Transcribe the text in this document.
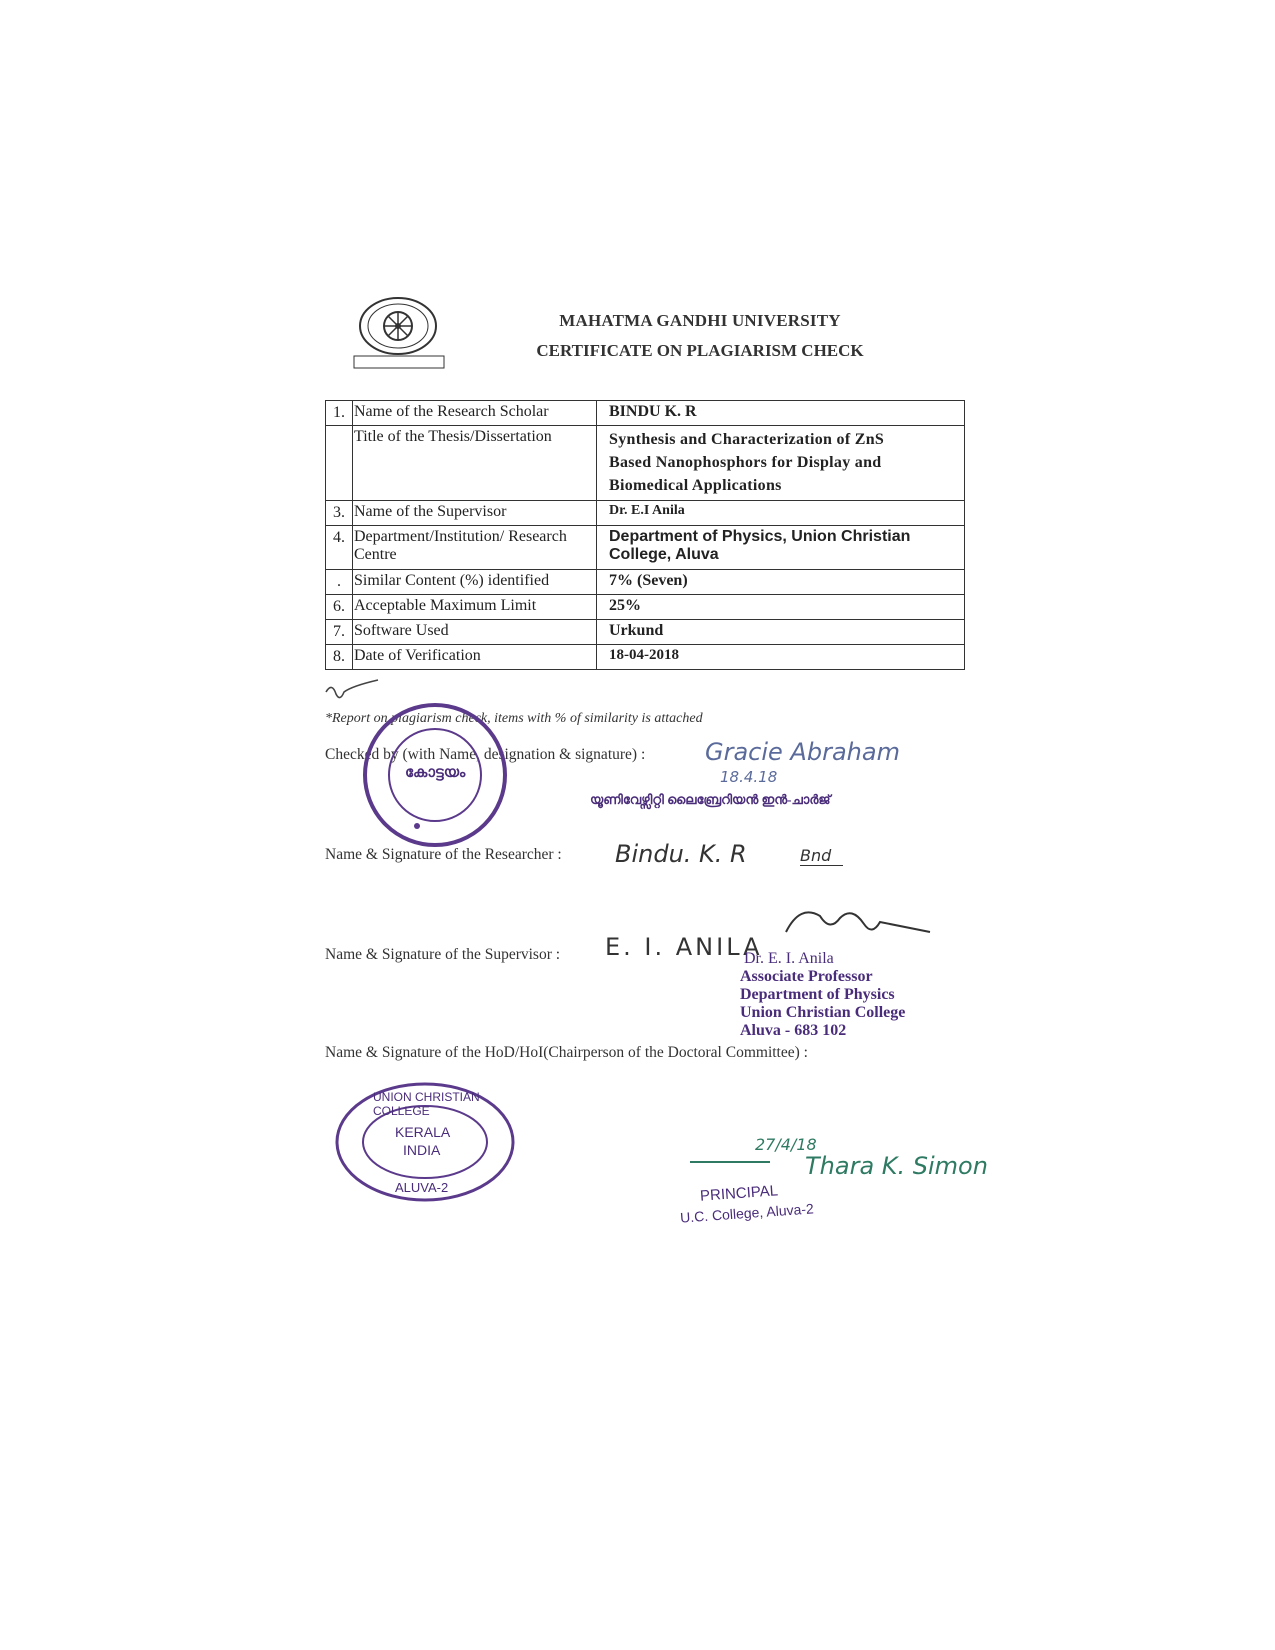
MAHATMA GANDHI UNIVERSITY
CERTIFICATE ON PLAGIARISM CHECK
1.	Name of the Research Scholar	BINDU K. R
	Title of the Thesis/Dissertation	Synthesis and Characterization of ZnS
Based Nanophosphors for Display and
Biomedical Applications

3.	Name of the Supervisor	Dr. E.I Anila
4.	Department/Institution/ Research Centre	Department of Physics, Union Christian College, Aluva
.	Similar Content (%) identified	7% (Seven)
6.	Acceptable Maximum Limit	25%
7.	Software Used	Urkund
8.	Date of Verification	18-04-2018
*Report on plagiarism check, items with % of similarity is attached
Checked by (with Name, designation & signature) : Gracie Abraham
18.4.18
യൂണിവേഴ്സിറ്റി ലൈബ്രേറിയൻ ഇൻ-ചാർജ്
കോട്ടയം
Name & Signature of the Researcher : Bindu. K. R	Bnd
Name & Signature of the Supervisor : E. I. ANILA
Dr. E. I. Anila
Associate Professor
Department of Physics
Union Christian College
Aluva - 683 102
Name & Signature of the HoD/HoI(Chairperson of the Doctoral Committee) :
UNION CHRISTIAN COLLEGE
KERALA
INDIA
ALUVA-2
27/4/18
Thara K. Simon
PRINCIPAL
U.C. College, Aluva-2
